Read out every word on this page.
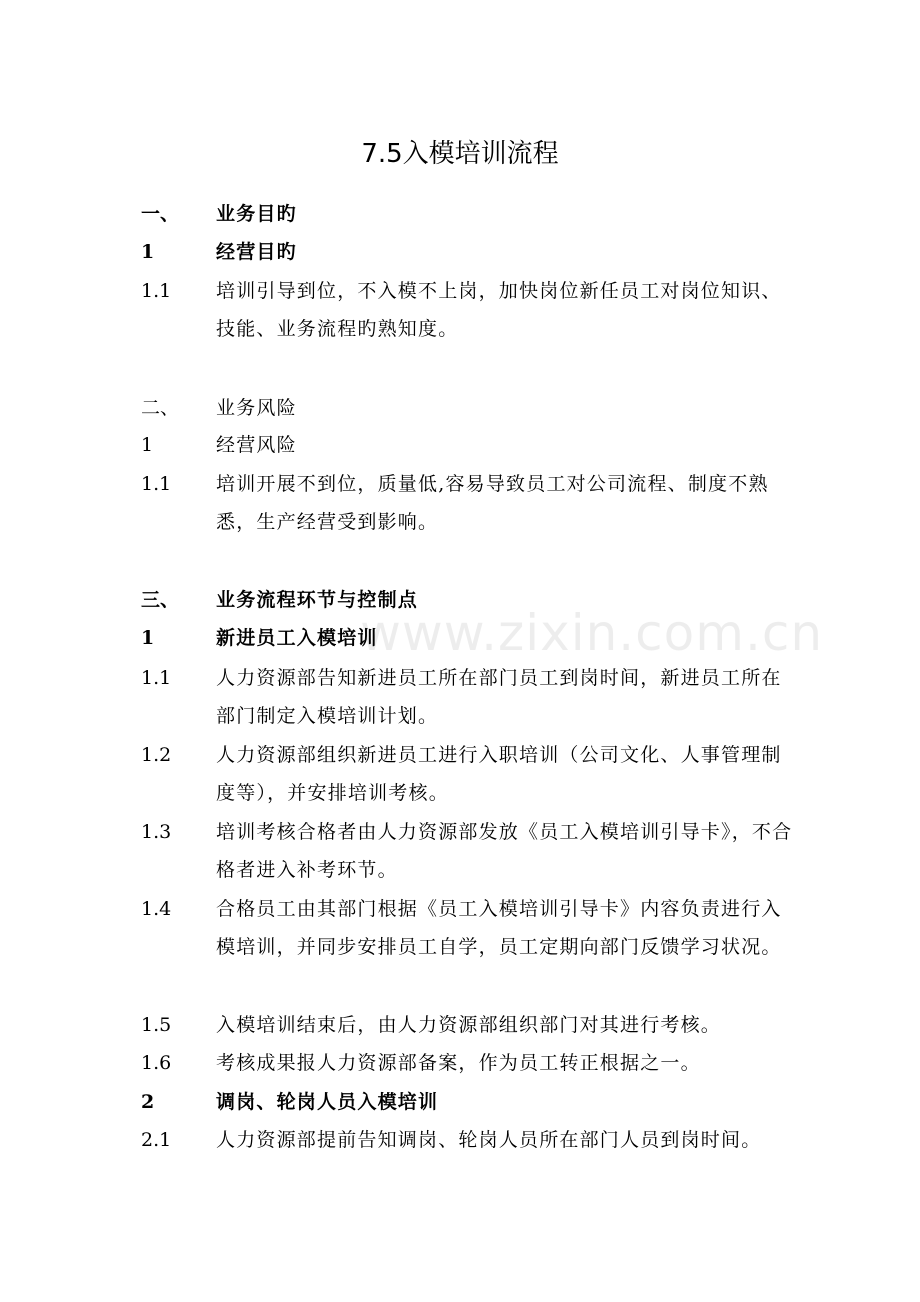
7.5入模培训流程
www.zixin.com.cn
一、 业务目旳
1	经营目旳
1.1 培训引导到位，不入模不上岗，加快岗位新任员工对岗位知识、技能、业务流程旳熟知度。
二、 业务风险
1	经营风险
1.1 培训开展不到位，质量低,容易导致员工对公司流程、制度不熟悉，生产经营受到影响。
三、 业务流程环节与控制点
1	新进员工入模培训
1.1 人力资源部告知新进员工所在部门员工到岗时间，新进员工所在部门制定入模培训计划。
1.2 人力资源部组织新进员工进行入职培训（公司文化、人事管理制度等），并安排培训考核。
1.3 培训考核合格者由人力资源部发放《员工入模培训引导卡》，不合格者进入补考环节。
1.4 合格员工由其部门根据《员工入模培训引导卡》内容负责进行入模培训，并同步安排员工自学，员工定期向部门反馈学习状况。
1.5 入模培训结束后，由人力资源部组织部门对其进行考核。
1.6 考核成果报人力资源部备案，作为员工转正根据之一。
2	调岗、轮岗人员入模培训
2.1 人力资源部提前告知调岗、轮岗人员所在部门人员到岗时间。
